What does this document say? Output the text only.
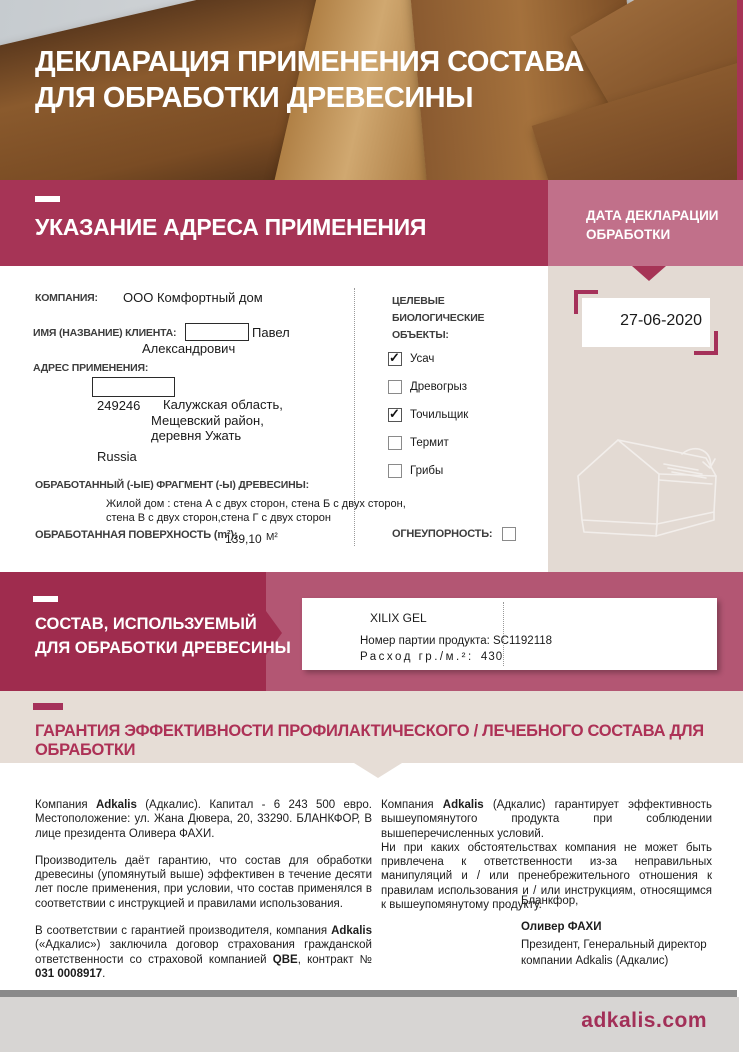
ДЕКЛАРАЦИЯ ПРИМЕНЕНИЯ СОСТАВА
ДЛЯ ОБРАБОТКИ ДРЕВЕСИНЫ
ДАТА ДЕКЛАРАЦИИ
ОБРАБОТКИ
УКАЗАНИЕ АДРЕСА ПРИМЕНЕНИЯ
КОМПАНИЯ: ООО Комфортный дом
ИМЯ (НАЗВАНИЕ) КЛИЕНТА:	Павел
Александрович
АДРЕС ПРИМЕНЕНИЯ:
249246 Калужская область,
Мещевский район,
деревня Ужать
Russia
ОБРАБОТАННЫЙ (-ЫЕ) ФРАГМЕНТ (-Ы) ДРЕВЕСИНЫ:
Жилой дом : стена А с двух сторон, стена Б с двух сторон,
стена В с двух сторон,стена Г с двух сторон
ОБРАБОТАННАЯ ПОВЕРХНОСТЬ (m²):
139,10 М²
ЦЕЛЕВЫЕ
БИОЛОГИЧЕСКИЕ
ОБЪЕКТЫ:
✓Усач
Древогрыз
✓Точильщик
Термит
Грибы
ОГНЕУПОРНОСТЬ:
27-06-2020
СОСТАВ, ИСПОЛЬЗУЕМЫЙ
ДЛЯ ОБРАБОТКИ ДРЕВЕСИНЫ
XILIX GEL
Номер партии продукта: SC1192118
Расход гр./м.²: 430
ГАРАНТИЯ ЭФФЕКТИВНОСТИ ПРОФИЛАКТИЧЕСКОГО / ЛЕЧЕБНОГО СОСТАВА ДЛЯ ОБРАБОТКИ

Компания Adkalis (Адкалис). Капитал - 6 243 500 евро. Местоположение: ул. Жана Дювера, 20, 33290. БЛАНКФОР, В лице президента Оливера ФАХИ.

Производитель даёт гарантию, что состав для обработки древесины (упомянутый выше) эффективен в течение десяти лет после применения, при условии, что состав применялся в соответствии с инструкцией и правилами использования.

В соответствии с гарантией производителя, компания Adkalis («Адкалис») заключила договор страхования гражданской ответственности со страховой компанией QBE, контракт № 031 0008917.

Компания Adkalis (Адкалис) гарантирует эффективность вышеупомянутого продукта при соблюдении вышеперечисленных условий.

Ни при каких обстоятельствах компания не может быть привлечена к ответственности из-за неправильных манипуляций и / или пренебрежительного отношения к правилам использования и / или инструкциям, относящимся к вышеупомянутому продукту.

Бланкфор,
Оливер ФАХИ
Президент, Генеральный директор
компании Adkalis (Адкалис)
adkalis.com
